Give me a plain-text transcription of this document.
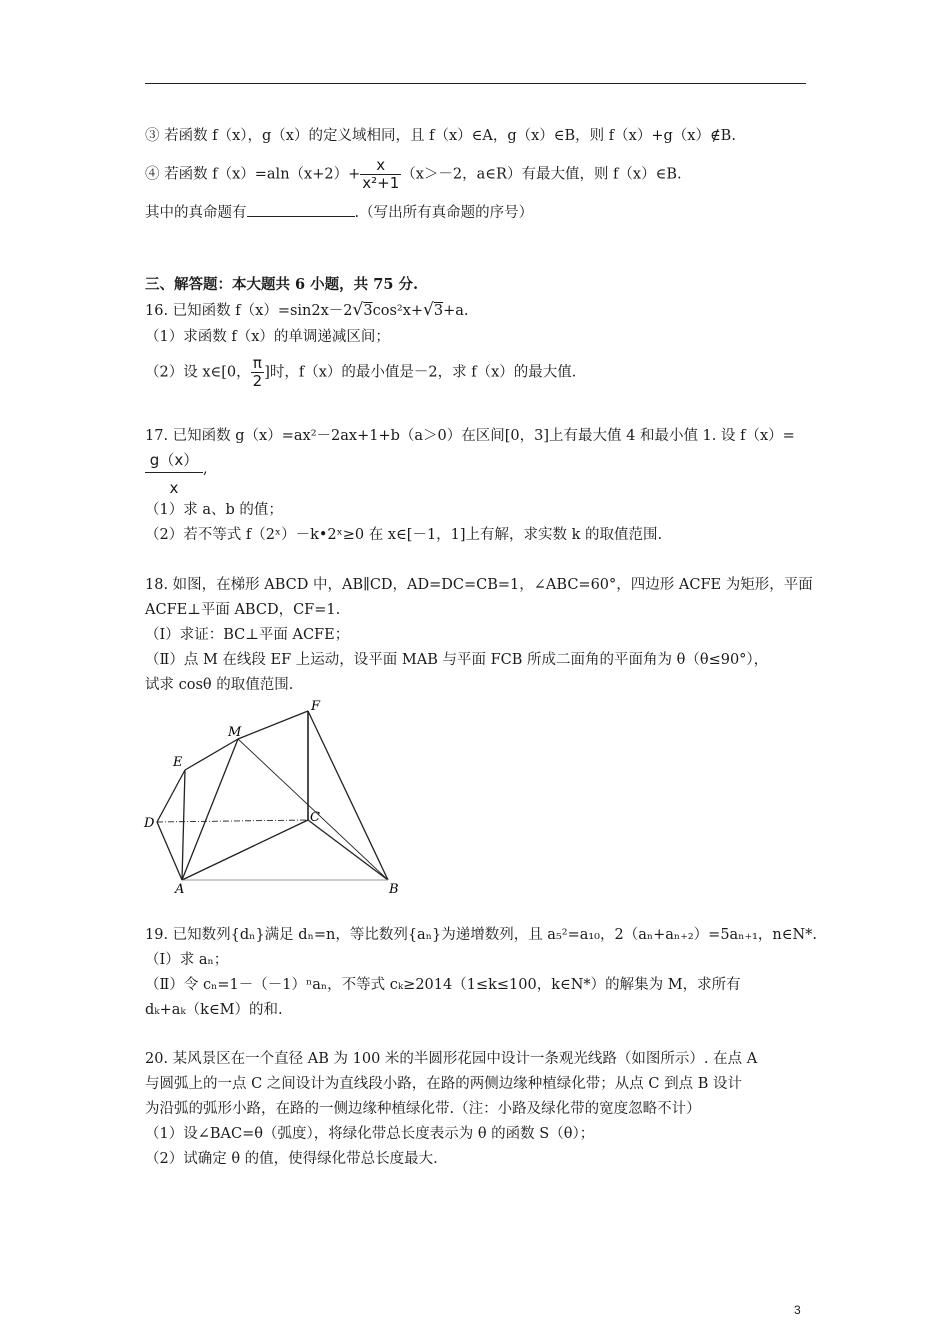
③ 若函数 f（x），g（x）的定义域相同，且 f（x）∈A，g（x）∈B，则 f（x）+g（x）∉B.
④ 若函数 $f(x)=aln(x+2)+ \frac{x}{\text{x²+1}} (x>-2$，a∈R）有最大值，则 f（x）∈B.
其中的真命题有	.（写出所有真命题的序号）
三、解答题：本大题共 6 小题，共 75 分.
16. 已知函数 f（x）=sin2x－2√3cos²x+√3+a.
（1）求函数 f（x）的单调递减区间；
（2）设 x∈[0， $\frac{\pi}{2}$ ]时，f（x）的最小值是－2，求 f（x）的最大值.
17. 已知函数 g（x）=ax²－2ax+1+b（a＞0）在区间[0，3]上有最大值 4 和最小值 1. 设 f（x）=
g（x）
x
,
（1）求 a、b 的值；
（2）若不等式 f（2ˣ）－k•2ˣ≥0 在 x∈[－1，1]上有解，求实数 k 的取值范围.
18. 如图，在梯形 ABCD 中，AB∥CD，AD=DC=CB=1，∠ABC=60°，四边形 ACFE 为矩形，平面
ACFE⊥平面 ABCD，CF=1.
（Ⅰ）求证：BC⊥平面 ACFE；
（Ⅱ）点 M 在线段 EF 上运动，设平面 MAB 与平面 FCB 所成二面角的平面角为 θ（θ≤90°），
试求 cosθ 的取值范围.
E
M
F
D	C
A	B
19. 已知数列{dₙ}满足 dₙ=n，等比数列{aₙ}为递增数列，且 a₅²=a₁₀，2（aₙ+aₙ₊₂）=5aₙ₊₁，n∈N*.
（Ⅰ）求 aₙ；
（Ⅱ）令 cₙ=1－（－1）ⁿaₙ，不等式 cₖ≥2014（1≤k≤100，k∈N*）的解集为 M，求所有
dₖ+aₖ（k∈M）的和.
20. 某风景区在一个直径 AB 为 100 米的半圆形花园中设计一条观光线路（如图所示）. 在点 A
与圆弧上的一点 C 之间设计为直线段小路，在路的两侧边缘种植绿化带；从点 C 到点 B 设计
为沿弧的弧形小路，在路的一侧边缘种植绿化带.（注：小路及绿化带的宽度忽略不计）
（1）设∠BAC=θ（弧度），将绿化带总长度表示为 θ 的函数 S（θ）；
（2）试确定 θ 的值，使得绿化带总长度最大.
3
